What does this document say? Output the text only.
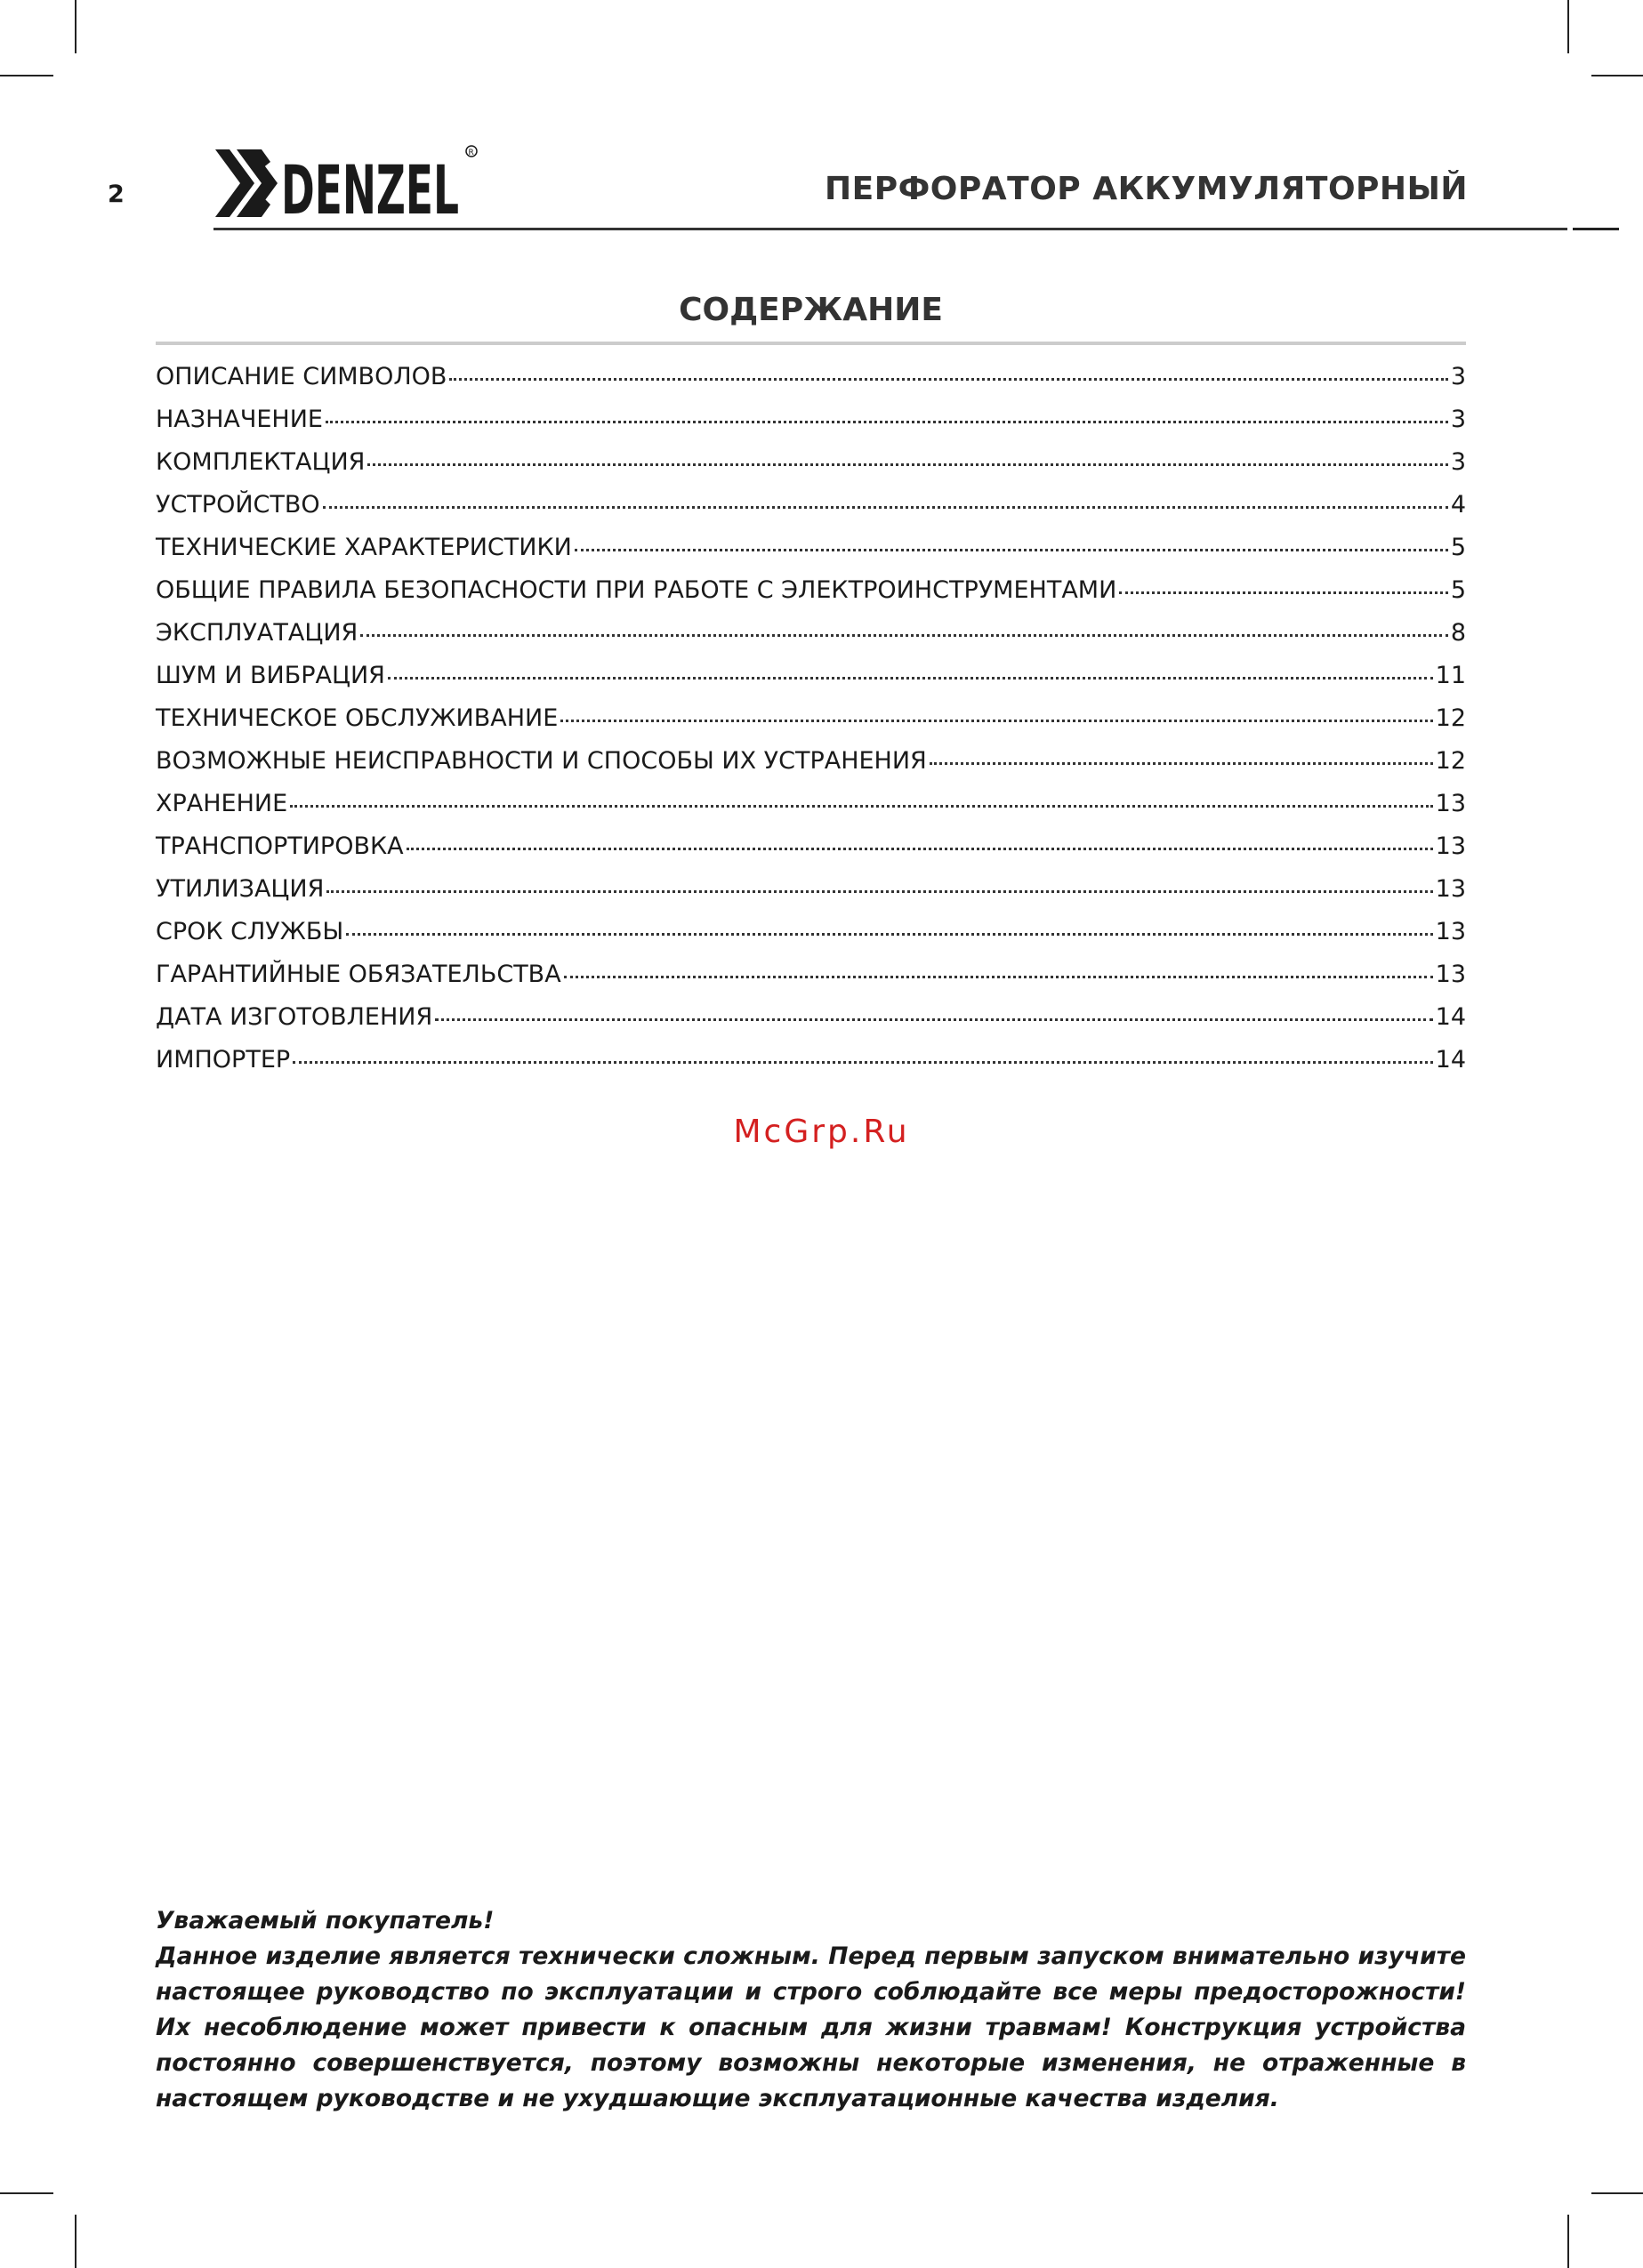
2 DENZEL R
ПЕРФОРАТОР АККУМУЛЯТОРНЫЙ
СОДЕРЖАНИЕ
ОПИСАНИЕ СИМВОЛОВ	3
НАЗНАЧЕНИЕ	3
КОМПЛЕКТАЦИЯ	3
УСТРОЙСТВО	4
ТЕХНИЧЕСКИЕ ХАРАКТЕРИСТИКИ	5
ОБЩИЕ ПРАВИЛА БЕЗОПАСНОСТИ ПРИ РАБОТЕ С ЭЛЕКТРОИНСТРУМЕНТАМИ	5
ЭКСПЛУАТАЦИЯ	8
ШУМ И ВИБРАЦИЯ	11
ТЕХНИЧЕСКОЕ ОБСЛУЖИВАНИЕ	12
ВОЗМОЖНЫЕ НЕИСПРАВНОСТИ И СПОСОБЫ ИХ УСТРАНЕНИЯ	12
ХРАНЕНИЕ	13
ТРАНСПОРТИРОВКА	13
УТИЛИЗАЦИЯ	13
СРОК СЛУЖБЫ	13
ГАРАНТИЙНЫЕ ОБЯЗАТЕЛЬСТВА	13
ДАТА ИЗГОТОВЛЕНИЯ	14
ИМПОРТЕР	14
McGrp.Ru

Уважаемый покупатель!

Данное изделие является технически сложным. Перед первым запуском внимательно изучите настоящее руководство по эксплуатации и строго соблюдайте все меры предосторожности! Их несоблюдение может привести к опасным для жизни травмам! Конструкция устройства постоянно совершенствуется, поэтому возможны некоторые изменения, не отраженные в настоящем руководстве и не ухудшающие эксплуатационные качества изделия.
